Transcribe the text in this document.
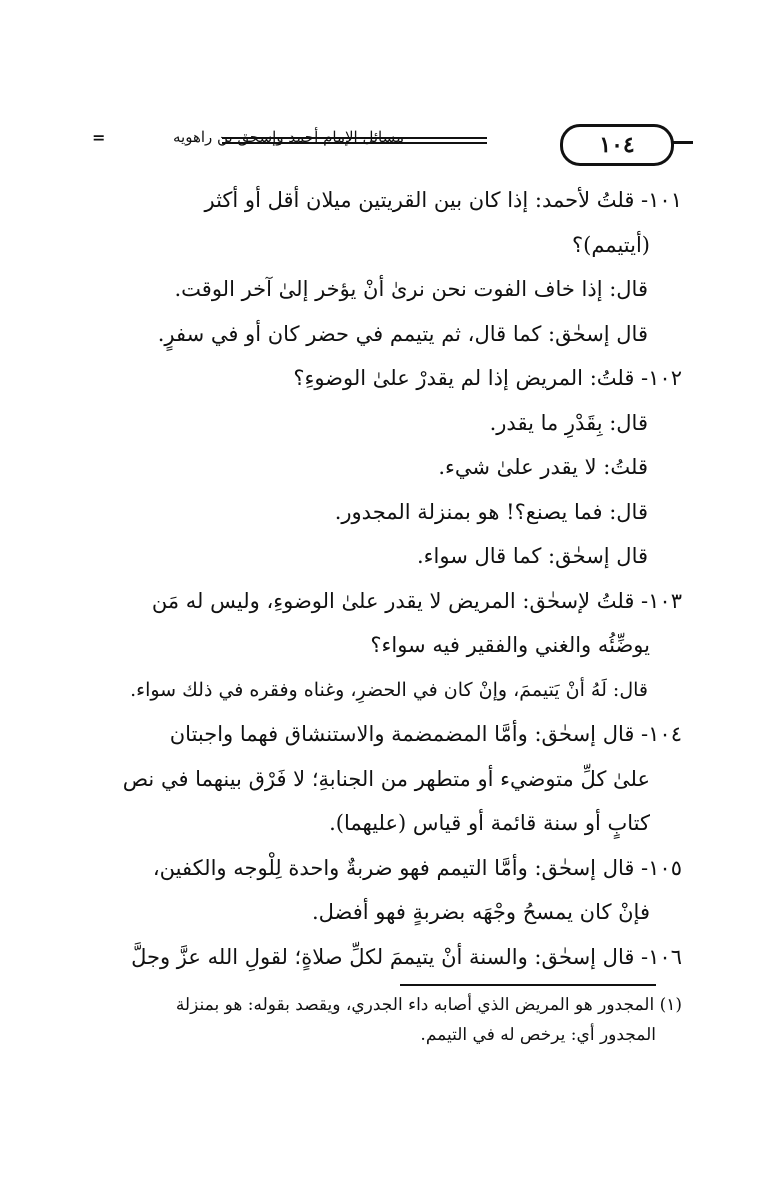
=	مسائل الإمام أحمد وإسحق بن راهويه	١٠٤
١٠١- قلتُ لأحمد: إذا كان بين القريتين ميلان أقل أو أكثر
(أيتيمم)؟
قال: إذا خاف الفوت نحن نرىٰ أنْ يؤخر إلىٰ آخر الوقت.
قال إسحٰق: كما قال، ثم يتيمم في حضر كان أو في سفرٍ.
١٠٢- قلتُ: المريض إذا لم يقدرْ علىٰ الوضوءِ؟
قال: بِقَدْرِ ما يقدر.
قلتُ: لا يقدر علىٰ شيء.
قال: فما يصنع؟! هو بمنزلة المجدور.
قال إسحٰق: كما قال سواء.
١٠٣- قلتُ لإسحٰق: المريض لا يقدر علىٰ الوضوءِ، وليس له مَن
يوضِّئُه والغني والفقير فيه سواء؟
قال: لَهُ أنْ يَتيممَ، وإنْ كان في الحضرِ، وغناه وفقره في ذلك سواء.
١٠٤- قال إسحٰق: وأمَّا المضمضمة والاستنشاق فهما واجبتان
علىٰ كلِّ متوضيء أو متطهر من الجنابةِ؛ لا فَرْق بينهما في نص
كتابٍ أو سنة قائمة أو قياس (عليهما).
١٠٥- قال إسحٰق: وأمَّا التيمم فهو ضربةٌ واحدة لِلْوجه والكفين،
فإنْ كان يمسحُ وجْهَه بضربةٍ فهو أفضل.
١٠٦- قال إسحٰق: والسنة أنْ يتيممَ لكلِّ صلاةٍ؛ لقولِ الله عزَّ وجلَّ
(١) المجدور هو المريض الذي أصابه داء الجدري، ويقصد بقوله: هو بمنزلة
المجدور أي: يرخص له في التيمم.
